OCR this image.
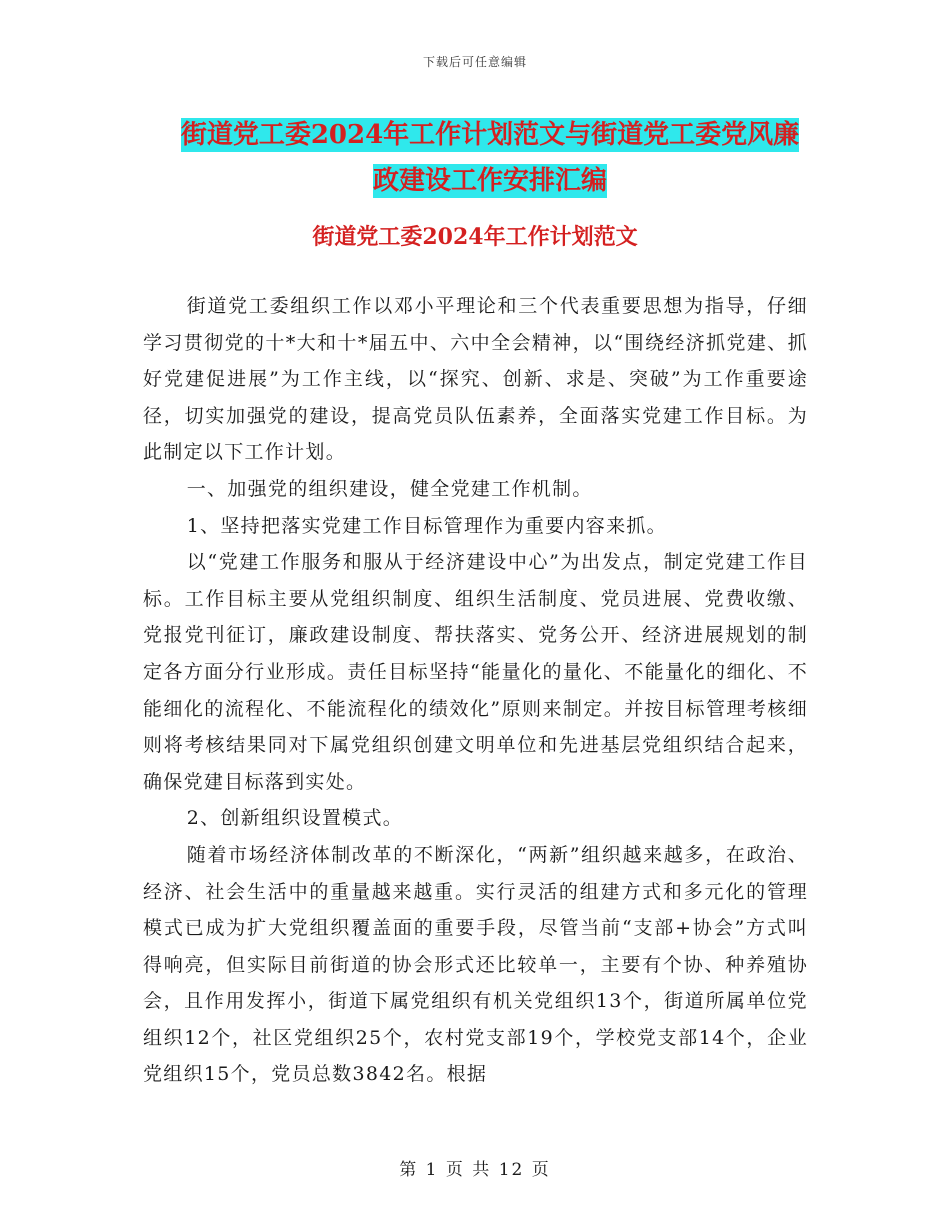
下载后可任意编辑
街道党工委2024年工作计划范文与街道党工委党风廉
政建设工作安排汇编
街道党工委2024年工作计划范文

街道党工委组织工作以邓小平理论和三个代表重要思想为指导，仔细学习贯彻党的十*大和十*届五中、六中全会精神，以“围绕经济抓党建、抓好党建促进展”为工作主线，以“探究、创新、求是、突破”为工作重要途径，切实加强党的建设，提高党员队伍素养，全面落实党建工作目标。为此制定以下工作计划。

一、加强党的组织建设，健全党建工作机制。

1、坚持把落实党建工作目标管理作为重要内容来抓。

以“党建工作服务和服从于经济建设中心”为出发点，制定党建工作目标。工作目标主要从党组织制度、组织生活制度、党员进展、党费收缴、党报党刊征订，廉政建设制度、帮扶落实、党务公开、经济进展规划的制定各方面分行业形成。责任目标坚持“能量化的量化、不能量化的细化、不能细化的流程化、不能流程化的绩效化”原则来制定。并按目标管理考核细则将考核结果同对下属党组织创建文明单位和先进基层党组织结合起来，确保党建目标落到实处。

2、创新组织设置模式。

随着市场经济体制改革的不断深化，“两新”组织越来越多，在政治、经济、社会生活中的重量越来越重。实行灵活的组建方式和多元化的管理模式已成为扩大党组织覆盖面的重要手段，尽管当前“支部+协会”方式叫得响亮，但实际目前街道的协会形式还比较单一，主要有个协、种养殖协会，且作用发挥小，街道下属党组织有机关党组织13个，街道所属单位党组织12个，社区党组织25个，农村党支部19个，学校党支部14个，企业党组织15个，党员总数3842名。根据

第 1 页 共 12 页
